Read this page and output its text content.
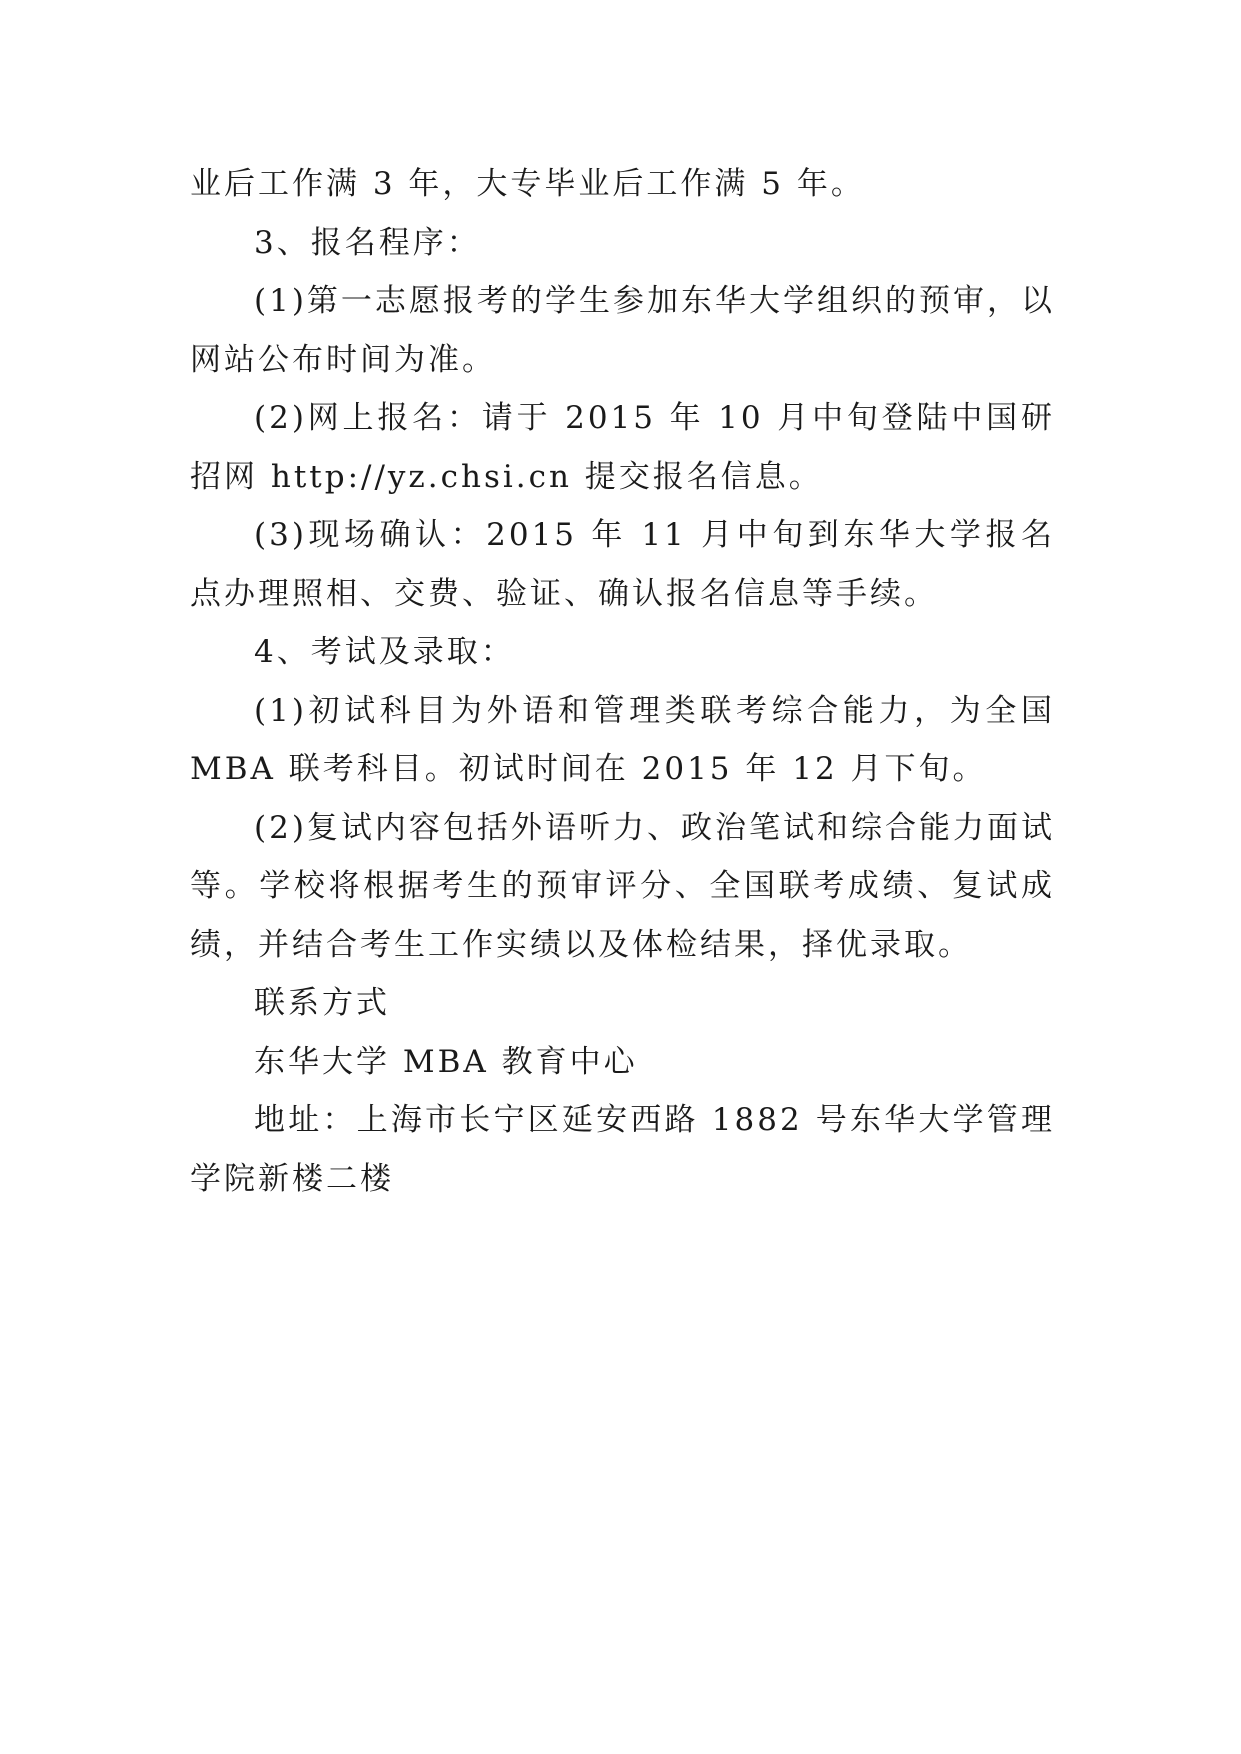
业后工作满 3 年，大专毕业后工作满 5 年。

3、报名程序：

(1)第一志愿报考的学生参加东华大学组织的预审，以网站公布时间为准。

(2)网上报名：请于 2015 年 10 月中旬登陆中国研招网 http://yz.chsi.cn 提交报名信息。

(3)现场确认：2015 年 11 月中旬到东华大学报名点办理照相、交费、验证、确认报名信息等手续。

4、考试及录取：

(1)初试科目为外语和管理类联考综合能力，为全国 MBA 联考科目。初试时间在 2015 年 12 月下旬。

(2)复试内容包括外语听力、政治笔试和综合能力面试等。学校将根据考生的预审评分、全国联考成绩、复试成绩，并结合考生工作实绩以及体检结果，择优录取。

联系方式

东华大学 MBA 教育中心

地址：上海市长宁区延安西路 1882 号东华大学管理学院新楼二楼
